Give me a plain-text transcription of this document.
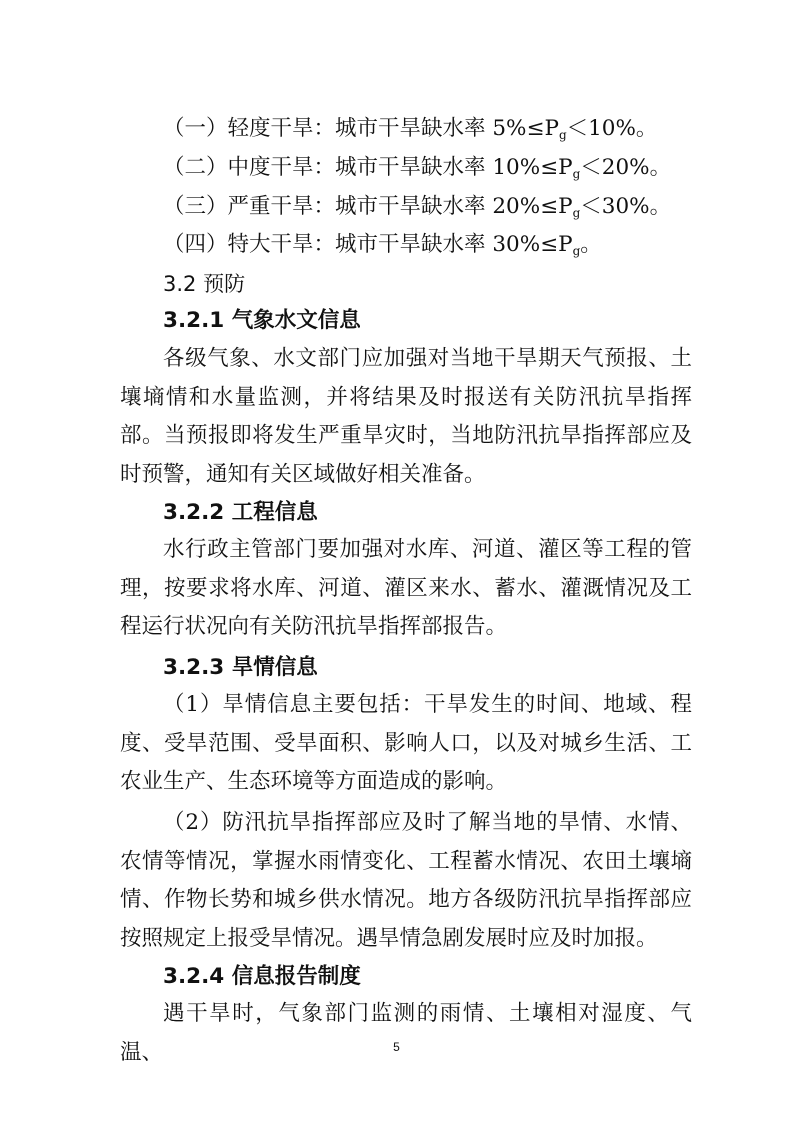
（一）轻度干旱：城市干旱缺水率 $5\%\le P_g<10\%$。
（二）中度干旱：城市干旱缺水率 $10\%\le P_g<20\%$。
（三）严重干旱：城市干旱缺水率 $20\%\le P_g<30\%$。
（四）特大干旱：城市干旱缺水率 $30\%\le P_g$。
3.2 预防
3.2.1 气象水文信息

各级气象、水文部门应加强对当地干旱期天气预报、土壤墒情和水量监测，并将结果及时报送有关防汛抗旱指挥部。当预报即将发生严重旱灾时，当地防汛抗旱指挥部应及时预警，通知有关区域做好相关准备。

3.2.2 工程信息

水行政主管部门要加强对水库、河道、灌区等工程的管理，按要求将水库、河道、灌区来水、蓄水、灌溉情况及工程运行状况向有关防汛抗旱指挥部报告。

3.2.3 旱情信息

（1）旱情信息主要包括：干旱发生的时间、地域、程度、受旱范围、受旱面积、影响人口，以及对城乡生活、工农业生产、生态环境等方面造成的影响。

（2）防汛抗旱指挥部应及时了解当地的旱情、水情、农情等情况，掌握水雨情变化、工程蓄水情况、农田土壤墒情、作物长势和城乡供水情况。地方各级防汛抗旱指挥部应按照规定上报受旱情况。遇旱情急剧发展时应及时加报。

3.2.4 信息报告制度

遇干旱时，气象部门监测的雨情、土壤相对湿度、气温、	5
